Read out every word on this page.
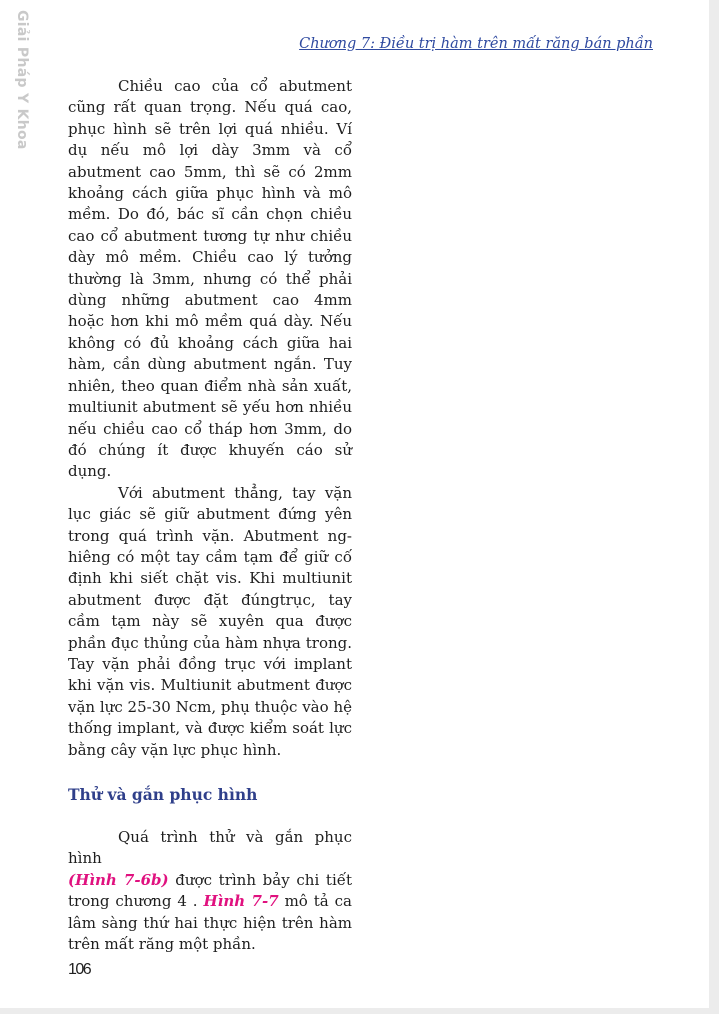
Giải Pháp Y Khoa	Chương 7: Điều trị hàm trên mất răng bán phần

Chiều cao của cổ abutment cũng rất quan trọng. Nếu quá cao, phục hình sẽ trên lợi quá nhiều. Ví dụ nếu mô lợi dày 3mm và cổ abutment cao 5mm, thì sẽ có 2mm khoảng cách giữa phục hình và mô mềm. Do đó, bác sĩ cần chọn chiều cao cổ abutment tương tự như chiều dày mô mềm. Chiều cao lý tưởng thường là 3mm, nhưng có thể phải dùng những abutment cao 4mm hoặc hơn khi mô mềm quá dày. Nếu không có đủ khoảng cách giữa hai hàm, cần dùng abutment ngắn. Tuy nhiên, theo quan điểm nhà sản xuất, multiunit abutment sẽ yếu hơn nhiều nếu chiều cao cổ tháp hơn 3mm, do đó chúng ít được khuyến cáo sử dụng.

Với abutment thẳng, tay vặn lục giác sẽ giữ abutment đứng yên trong quá trình vặn. Abutment nghiêng có một tay cầm tạm để giữ cố định khi siết chặt vis. Khi multiunit abutment được đặt đúngtrục, tay cầm tạm này sẽ xuyên qua được phần đục thủng của hàm nhựa trong. Tay vặn phải đồng trục với implant khi vặn vis. Multiunit abutment được vặn lực 25-30 Ncm, phụ thuộc vào hệ thống implant, và được kiểm soát lực bằng cây vặn lực phục hình.

Thử và gắn phục hình

Quá trình thử và gắn phục hình
(Hình 7-6b) được trình bảy chi tiết trong chương 4 . Hình 7-7 mô tả ca lâm sàng thứ hai thực hiện trên hàm trên mất răng một phần.

106
